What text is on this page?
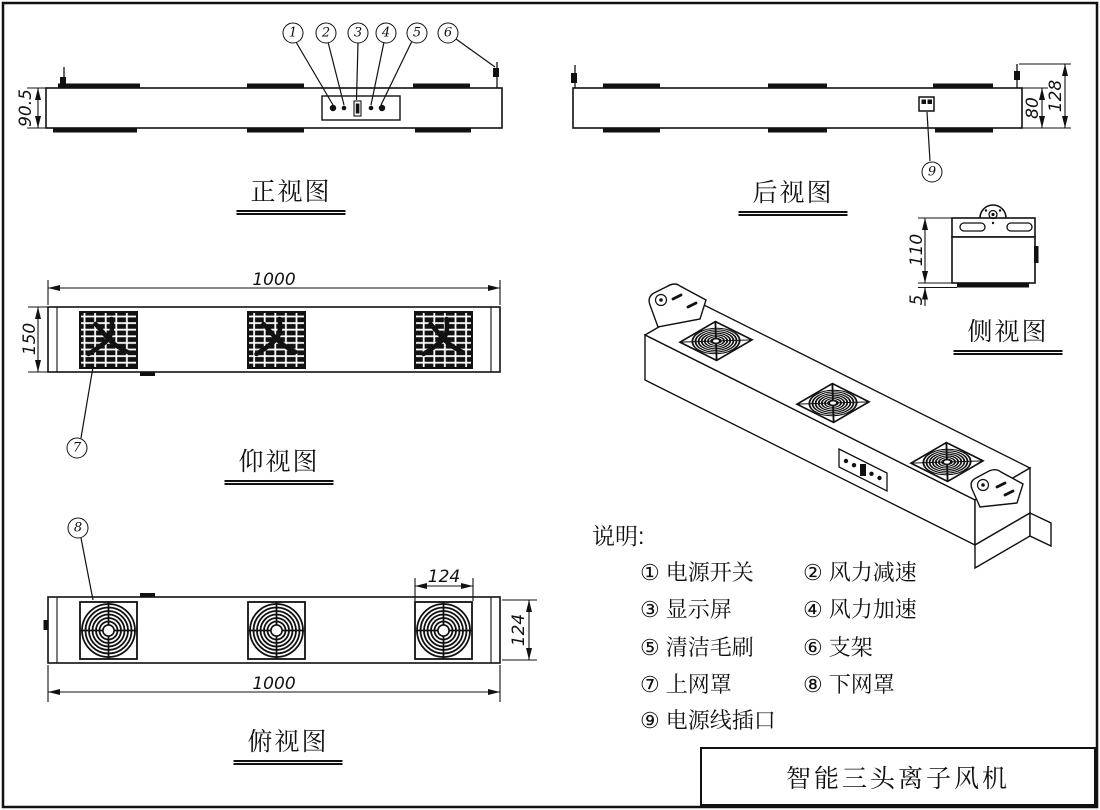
正视图	后视图
侧视图
仰视图
俯视图
90.5	80 128
110
5
150
1000
124
124
1000
1	2	3	4	5	6
7
8
9
说明:
① 电源开关 ② 风力减速
③ 显示屏	④ 风力加速
⑤ 清洁毛刷 ⑥ 支架
⑦ 上网罩	⑧ 下网罩
⑨ 电源线插口
智能三头离子风机
